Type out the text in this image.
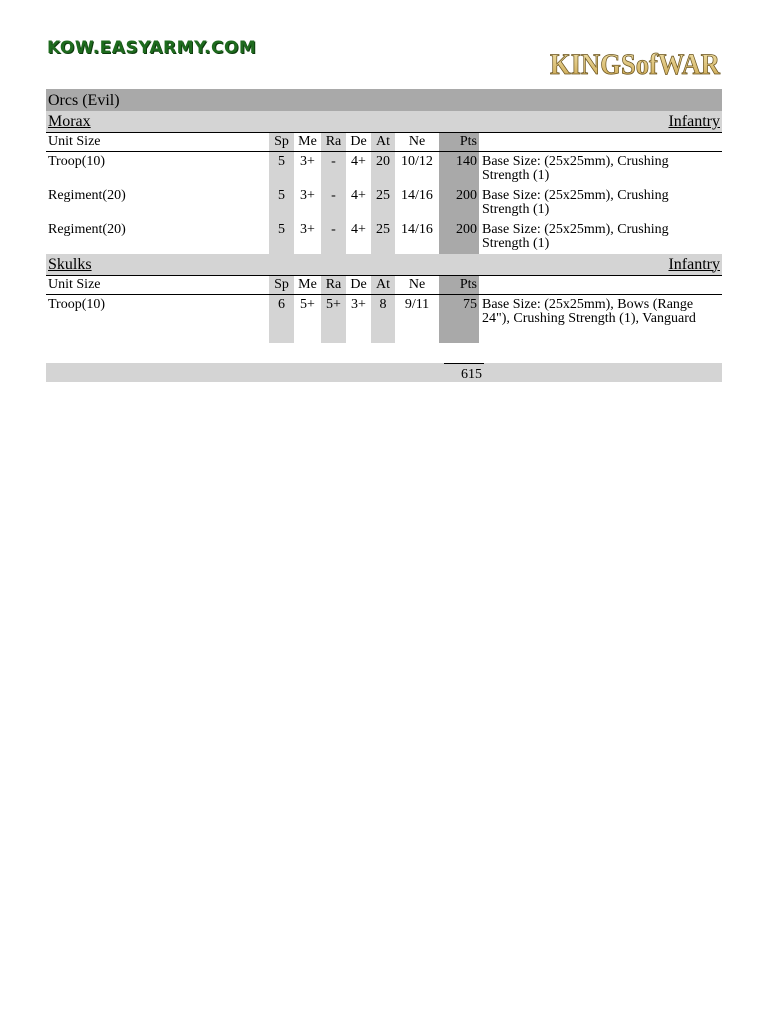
KOW.EASYARMY.COM	KINGSofWAR
Orcs (Evil)
Morax	Infantry
Unit Size	Sp	Me	Ra	De	At	Ne	Pts	
Troop(10)	5	3+	-	4+	20	10/12	140	Base Size: (25x25mm), Crushing Strength (1)
Regiment(20)	5	3+	-	4+	25	14/16	200	Base Size: (25x25mm), Crushing Strength (1)
Regiment(20)	5	3+	-	4+	25	14/16	200	Base Size: (25x25mm), Crushing Strength (1)
Skulks	Infantry
Unit Size	Sp	Me	Ra	De	At	Ne	Pts	
Troop(10)	6	5+	5+	3+	8	9/11	75	Base Size: (25x25mm), Bows (Range 24"), Crushing Strength (1), Vanguard
615
